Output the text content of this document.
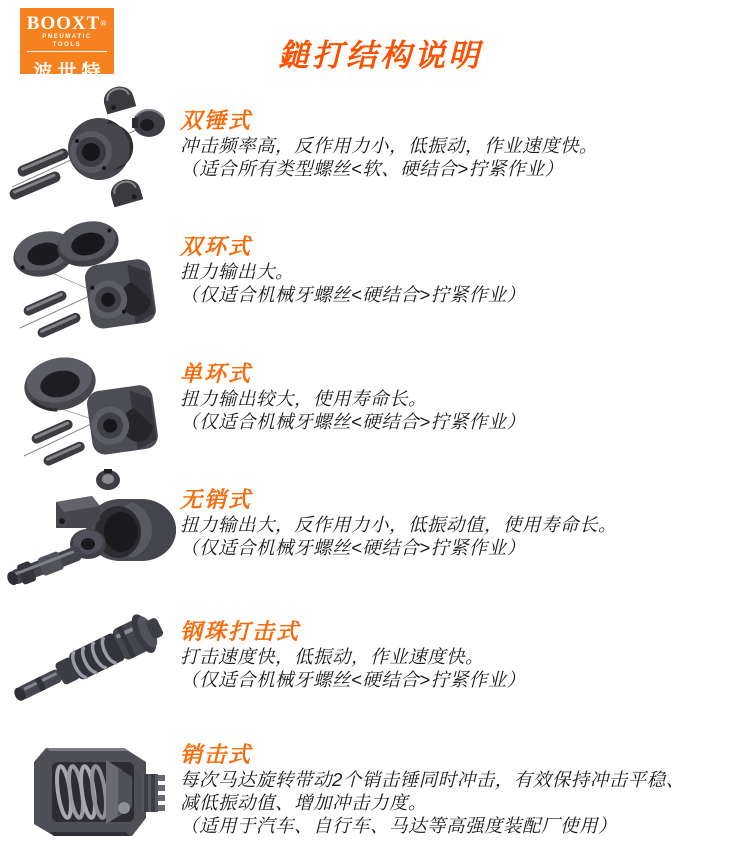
BOOXT®
PNEUMATIC TOOLS
波世特	鎚打结构说明
双锤式
冲击频率高，反作用力小，低振动，作业速度快。
（适合所有类型螺丝<软、硬结合>拧紧作业）
双环式
扭力输出大。
（仅适合机械牙螺丝<硬结合>拧紧作业）
单环式
扭力输出较大，使用寿命长。
（仅适合机械牙螺丝<硬结合>拧紧作业）
无销式
扭力输出大，反作用力小，低振动值，使用寿命长。
（仅适合机械牙螺丝<硬结合>拧紧作业）
钢珠打击式
打击速度快，低振动，作业速度快。
（仅适合机械牙螺丝<硬结合>拧紧作业）
销击式
每次马达旋转带动2个销击锤同时冲击，有效保持冲击平稳、
减低振动值、增加冲击力度。
（适用于汽车、自行车、马达等高强度装配厂使用）
